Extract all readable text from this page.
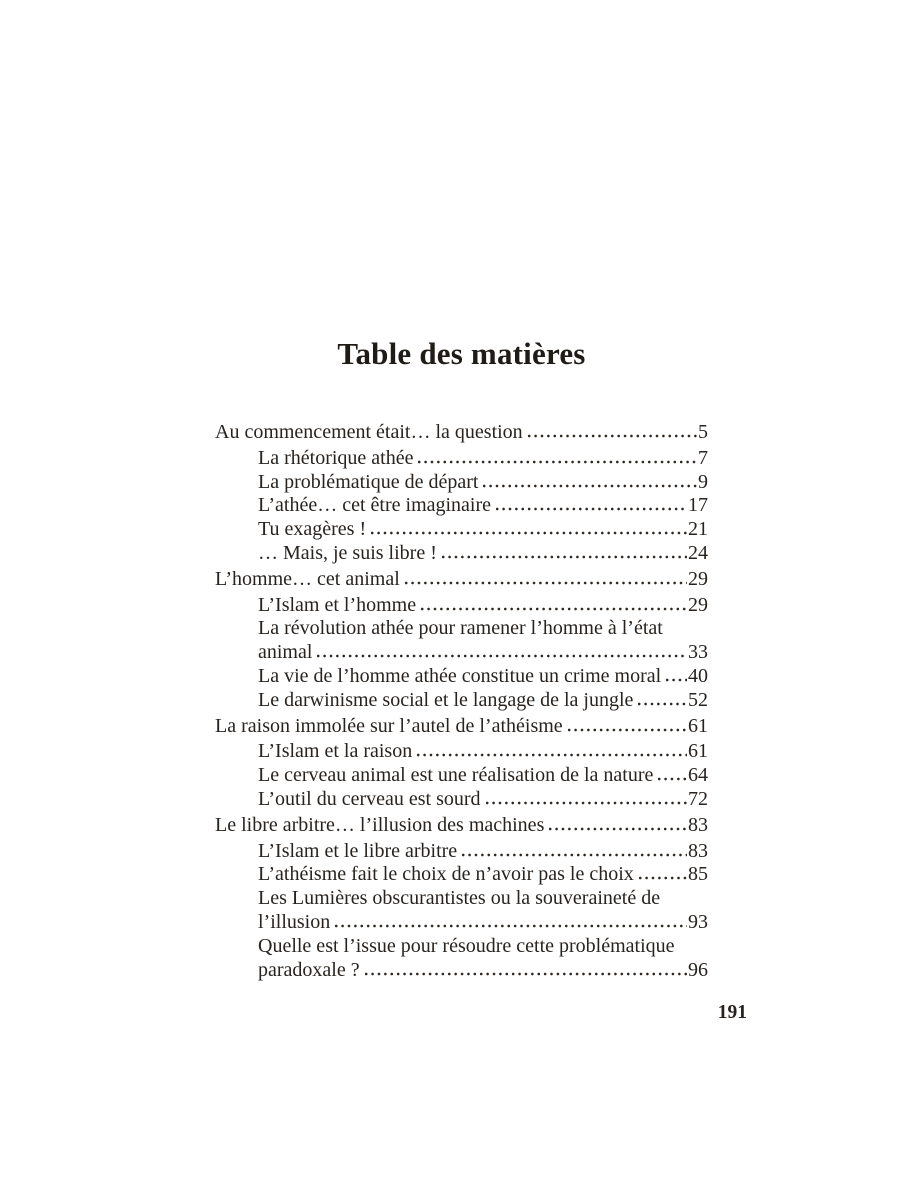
Table des matières
Au commencement était… la question	5
La rhétorique athée	7
La problématique de départ	9
L’athée… cet être imaginaire	17
Tu exagères !	21
… Mais, je suis libre !	24
L’homme… cet animal	29
L’Islam et l’homme	29
La révolution athée pour ramener l’homme à l’état
animal	33
La vie de l’homme athée constitue un crime moral 40
Le darwinisme social et le langage de la jungle	52
La raison immolée sur l’autel de l’athéisme	61
L’Islam et la raison	61
Le cerveau animal est une réalisation de la nature 64
L’outil du cerveau est sourd	72
Le libre arbitre… l’illusion des machines	83
L’Islam et le libre arbitre	83
L’athéisme fait le choix de n’avoir pas le choix	85
Les Lumières obscurantistes ou la souveraineté de
l’illusion	93
Quelle est l’issue pour résoudre cette problématique
paradoxale ?	96
191
